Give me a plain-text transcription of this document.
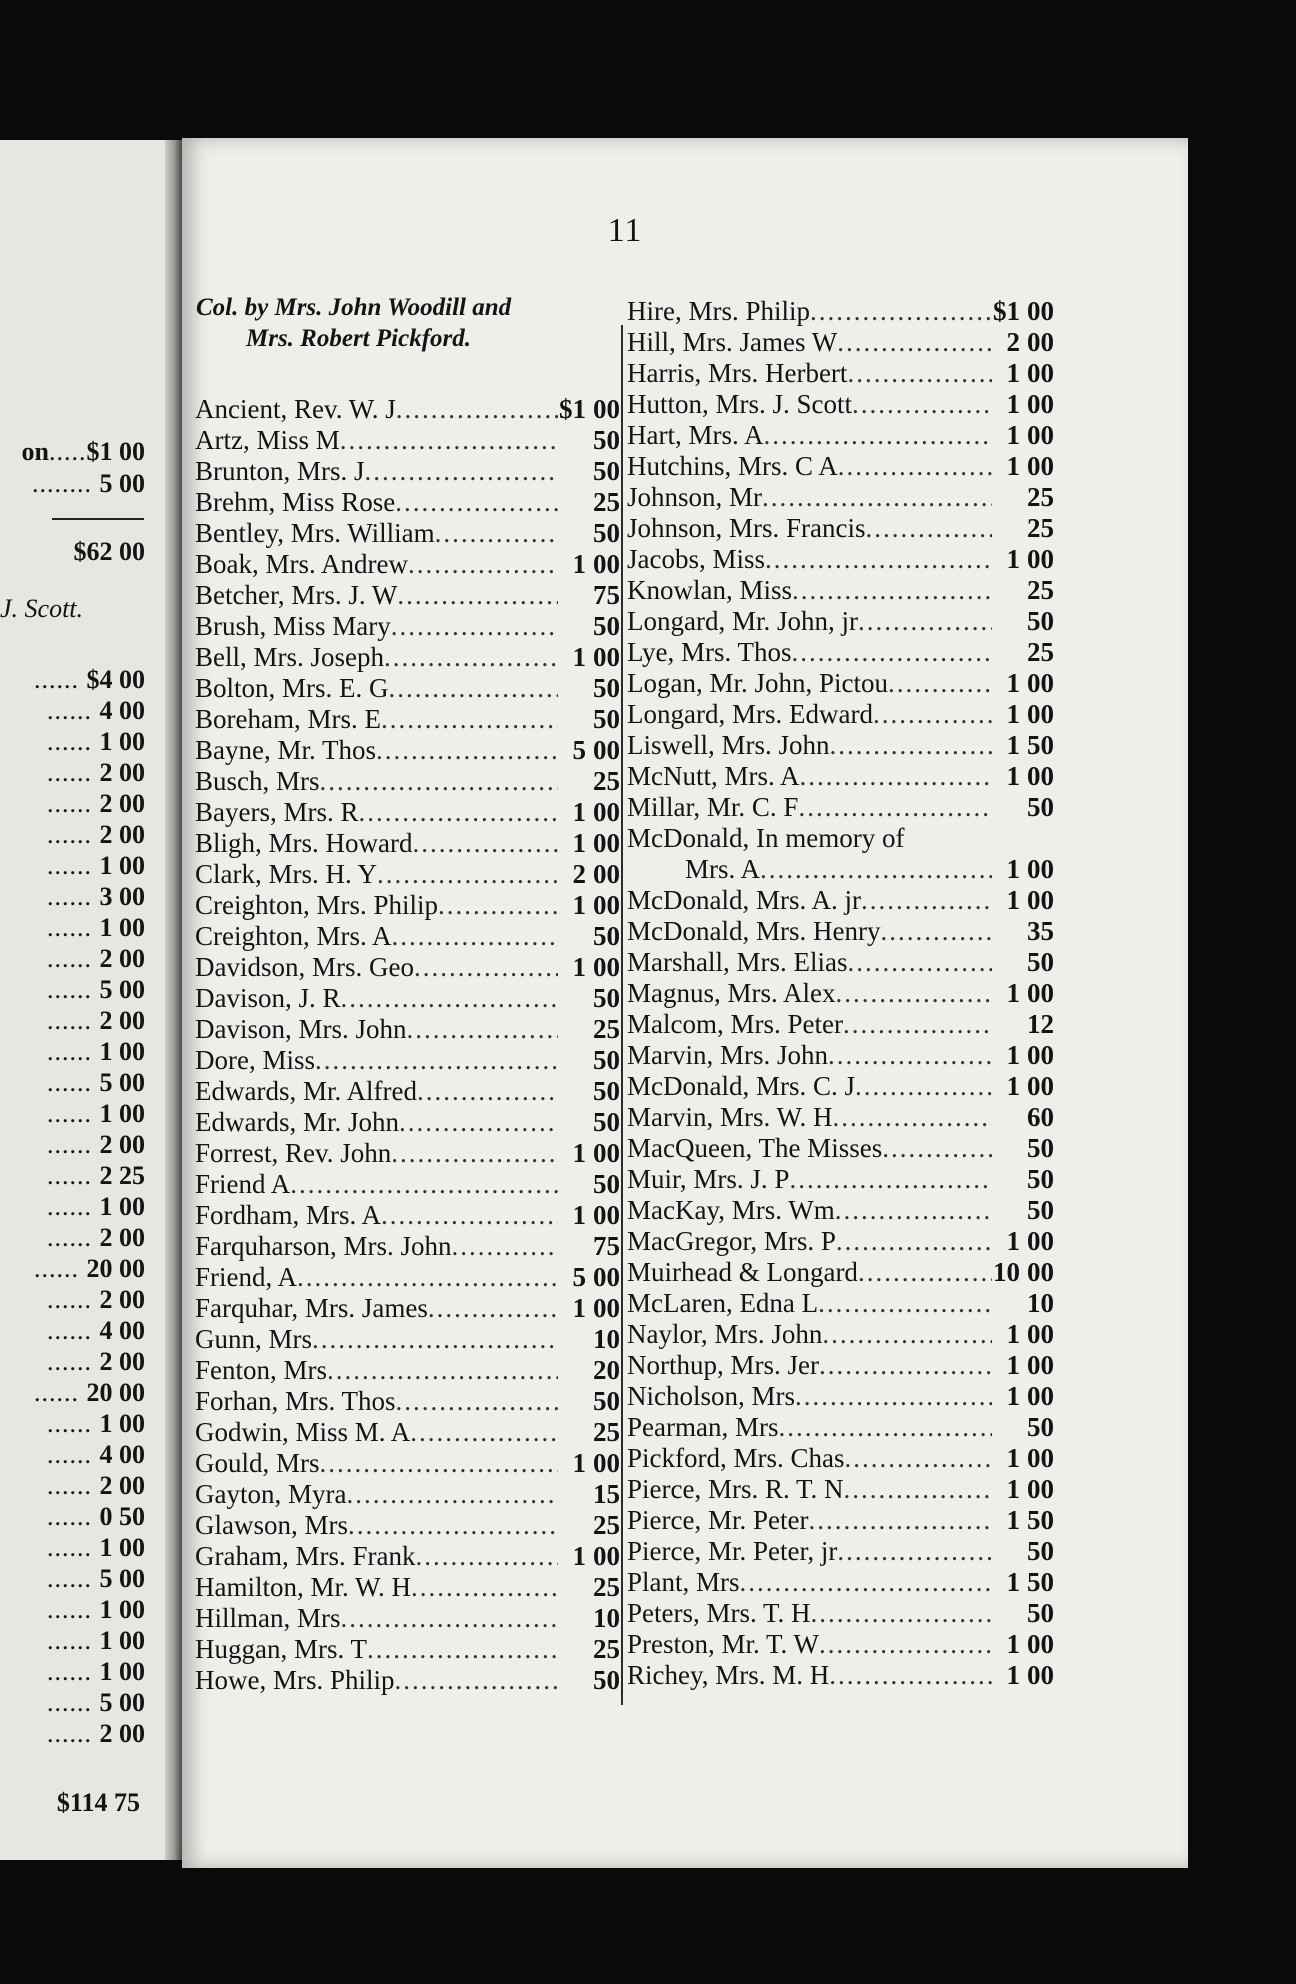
on.....$1 00
........ 5 00
$62 00
J. Scott.
...... $4 00
...... 4 00
...... 1 00
...... 2 00
...... 2 00
...... 2 00
...... 1 00
...... 3 00
...... 1 00
...... 2 00
...... 5 00
...... 2 00
...... 1 00
...... 5 00
...... 1 00
...... 2 00
...... 2 25
...... 1 00
...... 2 00
...... 20 00
...... 2 00
...... 4 00
...... 2 00
...... 20 00
...... 1 00
...... 4 00
...... 2 00
...... 0 50
...... 1 00
...... 5 00
...... 1 00
...... 1 00
...... 1 00
...... 5 00
...... 2 00
$114 75
11
Col. by Mrs. John Woodill and
Mrs. Robert Pickford.
Ancient, Rev. W. J .....	$1 00
Artz, Miss M .....	50
Brunton, Mrs. J .....	50
Brehm, Miss Rose .....	25
Bentley, Mrs. William .....	50
Boak, Mrs. Andrew .....	1 00
Betcher, Mrs. J. W .....	75
Brush, Miss Mary .....	50
Bell, Mrs. Joseph .....	1 00
Bolton, Mrs. E. G .....	50
Boreham, Mrs. E .....	50
Bayne, Mr. Thos .....	5 00
Busch, Mrs .....	25
Bayers, Mrs. R .....	1 00
Bligh, Mrs. Howard .....	1 00
Clark, Mrs. H. Y .....	2 00
Creighton, Mrs. Philip .....	1 00
Creighton, Mrs. A .....	50
Davidson, Mrs. Geo .....	1 00
Davison, J. R .....	50
Davison, Mrs. John .....	25
Dore, Miss .....	50
Edwards, Mr. Alfred .....	50
Edwards, Mr. John .....	50
Forrest, Rev. John .....	1 00
Friend A .....	50
Fordham, Mrs. A .....	1 00
Farquharson, Mrs. John .....	75
Friend, A .....	5 00
Farquhar, Mrs. James .....	1 00
Gunn, Mrs .....	10
Fenton, Mrs .....	20
Forhan, Mrs. Thos .....	50
Godwin, Miss M. A .....	25
Gould, Mrs .....	1 00
Gayton, Myra .....	15
Glawson, Mrs .....	25
Graham, Mrs. Frank .....	1 00
Hamilton, Mr. W. H .....	25
Hillman, Mrs .....	10
Huggan, Mrs. T .....	25
Howe, Mrs. Philip .....	50
Hire, Mrs. Philip .....	$1 00
Hill, Mrs. James W .....	2 00
Harris, Mrs. Herbert .....	1 00
Hutton, Mrs. J. Scott .....	1 00
Hart, Mrs. A .....	1 00
Hutchins, Mrs. C A .....	1 00
Johnson, Mr .....	25
Johnson, Mrs. Francis .....	25
Jacobs, Miss .....	1 00
Knowlan, Miss .....	25
Longard, Mr. John, jr .....	50
Lye, Mrs. Thos .....	25
Logan, Mr. John, Pictou .....	1 00
Longard, Mrs. Edward .....	1 00
Liswell, Mrs. John .....	1 50
McNutt, Mrs. A .....	1 00
Millar, Mr. C. F .....	50
McDonald, In memory of
Mrs. A .....	1 00
McDonald, Mrs. A. jr .....	1 00
McDonald, Mrs. Henry .....	35
Marshall, Mrs. Elias .....	50
Magnus, Mrs. Alex .....	1 00
Malcom, Mrs. Peter .....	12
Marvin, Mrs. John .....	1 00
McDonald, Mrs. C. J .....	1 00
Marvin, Mrs. W. H .....	60
MacQueen, The Misses .....	50
Muir, Mrs. J. P .....	50
MacKay, Mrs. Wm .....	50
MacGregor, Mrs. P .....	1 00
Muirhead & Longard .....	10 00
McLaren, Edna L .....	10
Naylor, Mrs. John .....	1 00
Northup, Mrs. Jer .....	1 00
Nicholson, Mrs .....	1 00
Pearman, Mrs .....	50
Pickford, Mrs. Chas .....	1 00
Pierce, Mrs. R. T. N .....	1 00
Pierce, Mr. Peter .....	1 50
Pierce, Mr. Peter, jr .....	50
Plant, Mrs .....	1 50
Peters, Mrs. T. H .....	50
Preston, Mr. T. W .....	1 00
Richey, Mrs. M. H .....	1 00
